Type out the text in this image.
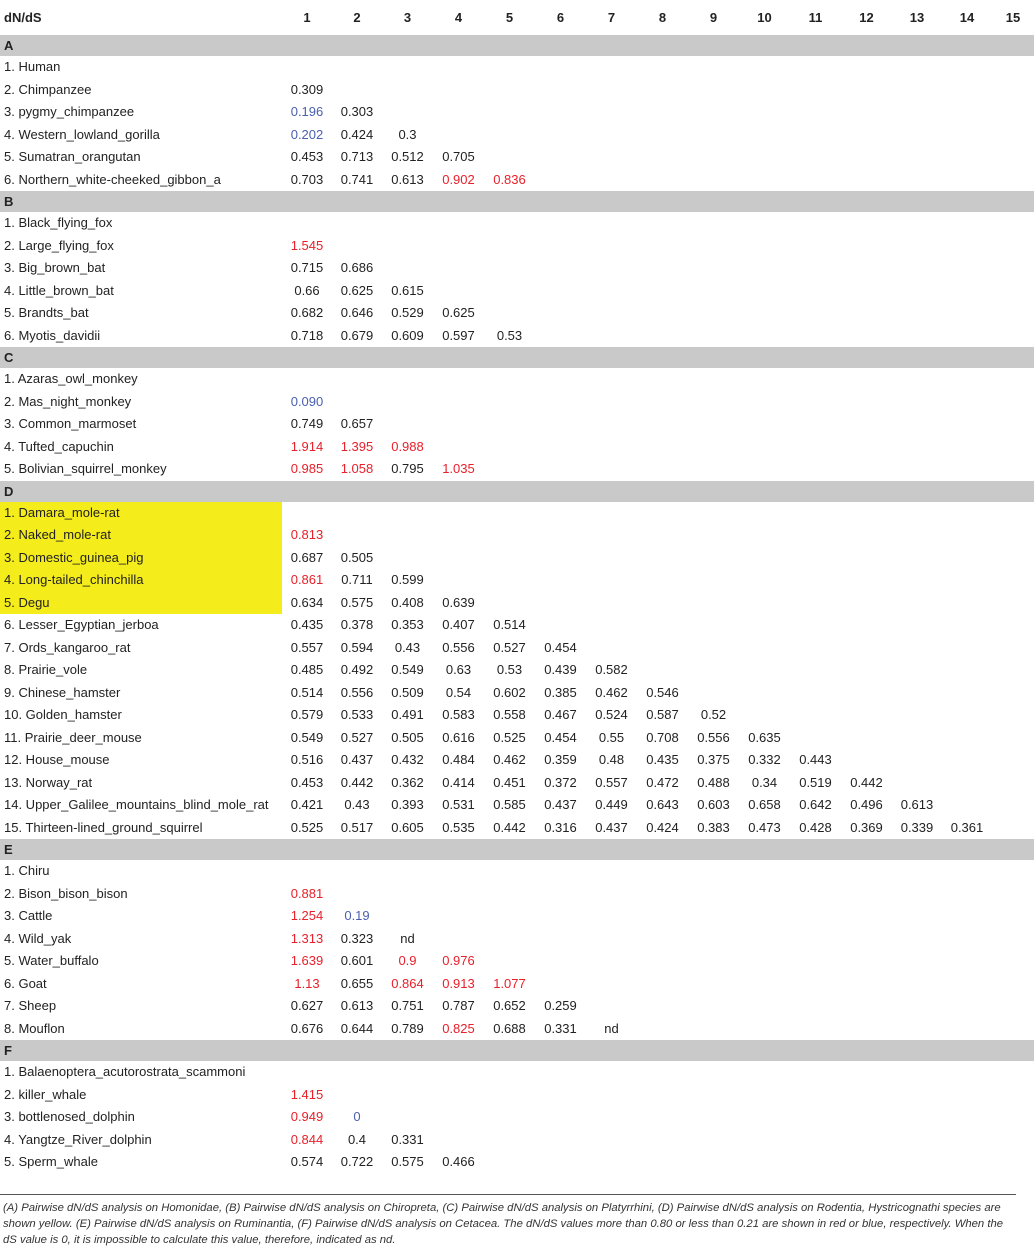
dN/dS	1	2	3	4	5	6	7	8	9	10	11	12	13	14	15
A															
1. Human															
2. Chimpanzee	0.309														
3. pygmy_chimpanzee	0.196	0.303													
4. Western_lowland_gorilla	0.202	0.424	0.3												
5. Sumatran_orangutan	0.453	0.713	0.512	0.705											
6. Northern_white-cheeked_gibbon_a	0.703	0.741	0.613	0.902	0.836										
B															
1. Black_flying_fox															
2. Large_flying_fox	1.545														
3. Big_brown_bat	0.715	0.686													
4. Little_brown_bat	0.66	0.625	0.615												
5. Brandts_bat	0.682	0.646	0.529	0.625											
6. Myotis_davidii	0.718	0.679	0.609	0.597	0.53										
C															
1. Azaras_owl_monkey															
2. Mas_night_monkey	0.090														
3. Common_marmoset	0.749	0.657													
4. Tufted_capuchin	1.914	1.395	0.988												
5. Bolivian_squirrel_monkey	0.985	1.058	0.795	1.035											
D															
1. Damara_mole-rat															
2. Naked_mole-rat	0.813														
3. Domestic_guinea_pig	0.687	0.505													
4. Long-tailed_chinchilla	0.861	0.711	0.599												
5. Degu	0.634	0.575	0.408	0.639											
6. Lesser_Egyptian_jerboa	0.435	0.378	0.353	0.407	0.514										
7. Ords_kangaroo_rat	0.557	0.594	0.43	0.556	0.527	0.454									
8. Prairie_vole	0.485	0.492	0.549	0.63	0.53	0.439	0.582								
9. Chinese_hamster	0.514	0.556	0.509	0.54	0.602	0.385	0.462	0.546							
10. Golden_hamster	0.579	0.533	0.491	0.583	0.558	0.467	0.524	0.587	0.52						
11. Prairie_deer_mouse	0.549	0.527	0.505	0.616	0.525	0.454	0.55	0.708	0.556	0.635					
12. House_mouse	0.516	0.437	0.432	0.484	0.462	0.359	0.48	0.435	0.375	0.332	0.443				
13. Norway_rat	0.453	0.442	0.362	0.414	0.451	0.372	0.557	0.472	0.488	0.34	0.519	0.442			
14. Upper_Galilee_mountains_blind_mole_rat	0.421	0.43	0.393	0.531	0.585	0.437	0.449	0.643	0.603	0.658	0.642	0.496	0.613		
15. Thirteen-lined_ground_squirrel	0.525	0.517	0.605	0.535	0.442	0.316	0.437	0.424	0.383	0.473	0.428	0.369	0.339	0.361	
E															
1. Chiru															
2. Bison_bison_bison	0.881														
3. Cattle	1.254	0.19													
4. Wild_yak	1.313	0.323	nd												
5. Water_buffalo	1.639	0.601	0.9	0.976											
6. Goat	1.13	0.655	0.864	0.913	1.077										
7. Sheep	0.627	0.613	0.751	0.787	0.652	0.259									
8. Mouflon	0.676	0.644	0.789	0.825	0.688	0.331	nd								
F															
1. Balaenoptera_acutorostrata_scammoni															
2. killer_whale	1.415														
3. bottlenosed_dolphin	0.949	0													
4. Yangtze_River_dolphin	0.844	0.4	0.331												
5. Sperm_whale	0.574	0.722	0.575	0.466											
(A) Pairwise dN/dS analysis on Homonidae, (B) Pairwise dN/dS analysis on Chiropreta, (C) Pairwise dN/dS analysis on Platyrrhini, (D) Pairwise dN/dS analysis on Rodentia, Hystricognathi species are shown yellow. (E) Pairwise dN/dS analysis on Ruminantia, (F) Pairwise dN/dS analysis on Cetacea. The dN/dS values more than 0.80 or less than 0.21 are shown in red or blue, respectively. When the dS value is 0, it is impossible to calculate this value, therefore, indicated as nd.
